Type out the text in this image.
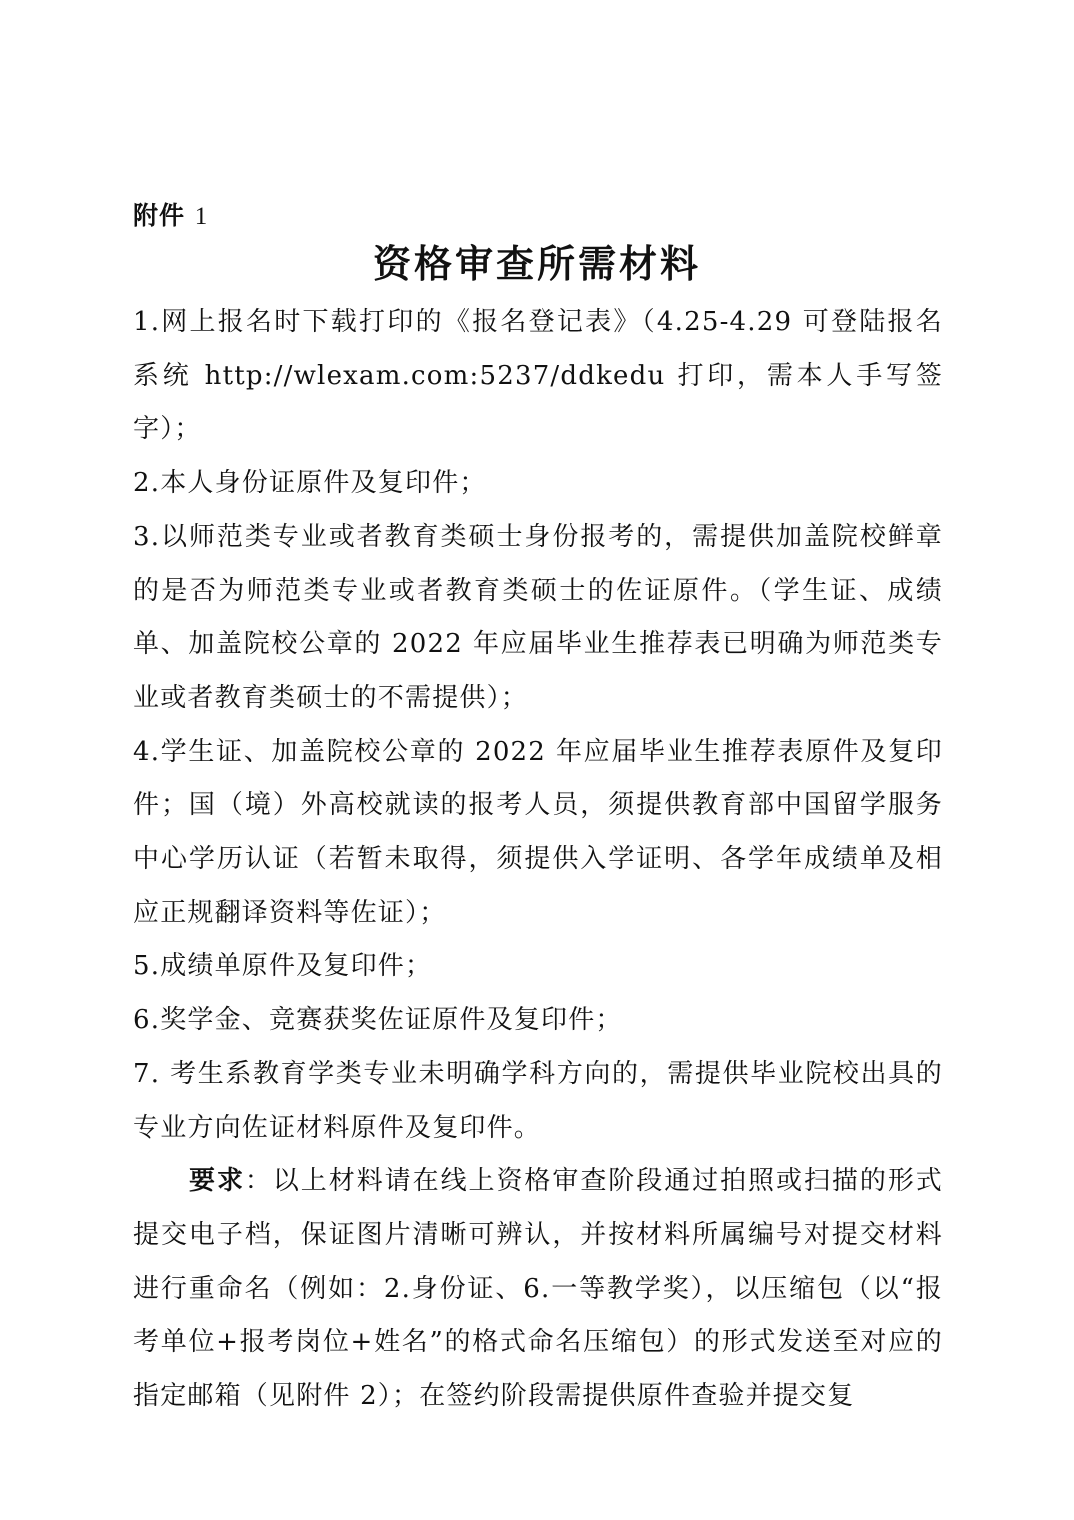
附件 1
资格审查所需材料

1.网上报名时下载打印的《报名登记表》（4.25-4.29 可登陆报名系统 http://wlexam.com:5237/ddkedu 打印，需本人手写签字）；

2.本人身份证原件及复印件；

3.以师范类专业或者教育类硕士身份报考的，需提供加盖院校鲜章的是否为师范类专业或者教育类硕士的佐证原件。（学生证、成绩单、加盖院校公章的 2022 年应届毕业生推荐表已明确为师范类专业或者教育类硕士的不需提供）；

4.学生证、加盖院校公章的 2022 年应届毕业生推荐表原件及复印件；国（境）外高校就读的报考人员，须提供教育部中国留学服务中心学历认证（若暂未取得，须提供入学证明、各学年成绩单及相应正规翻译资料等佐证）；

5.成绩单原件及复印件；

6.奖学金、竞赛获奖佐证原件及复印件；

7. 考生系教育学类专业未明确学科方向的，需提供毕业院校出具的专业方向佐证材料原件及复印件。

要求：以上材料请在线上资格审查阶段通过拍照或扫描的形式提交电子档，保证图片清晰可辨认，并按材料所属编号对提交材料进行重命名（例如：2.身份证、6.一等教学奖），以压缩包（以“报考单位+报考岗位+姓名”的格式命名压缩包）的形式发送至对应的指定邮箱（见附件 2）；在签约阶段需提供原件查验并提交复
